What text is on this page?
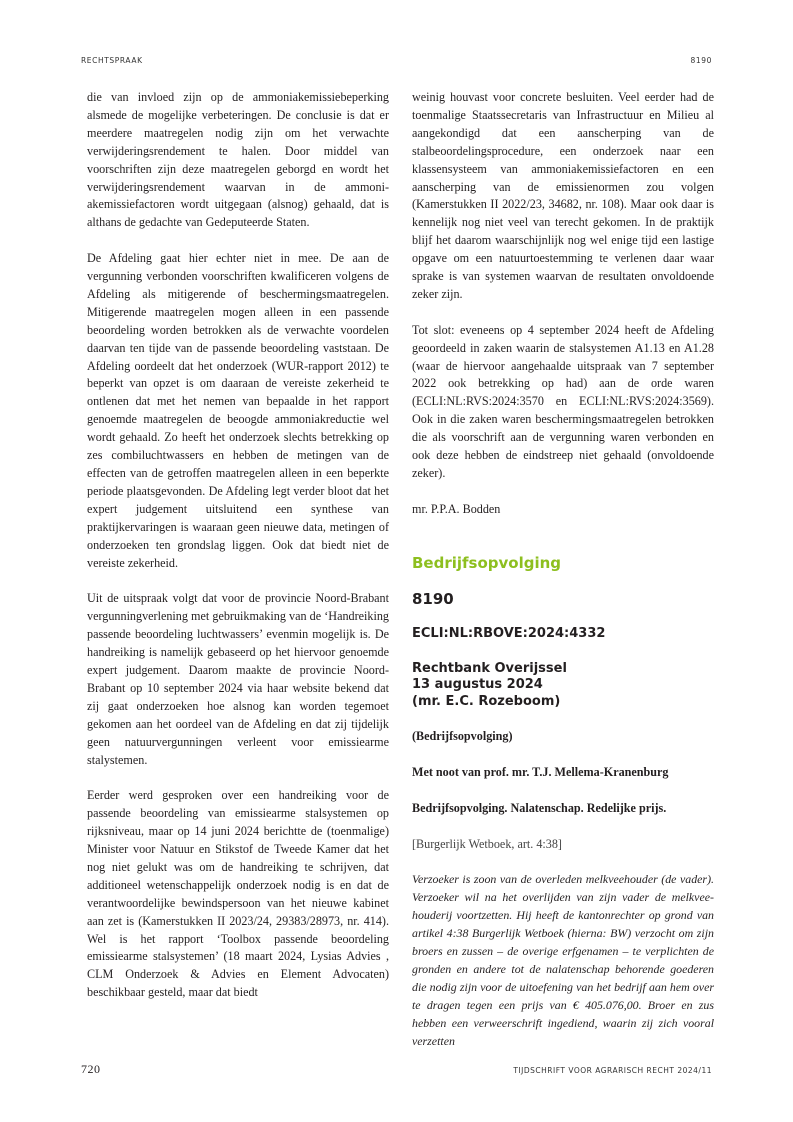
RECHTSPRAAK	8190

die van invloed zijn op de ammoniakemissiebeperking alsmede de mogelijke verbeteringen. De conclusie is dat er meerdere maatregelen nodig zijn om het verwachte verwijderingsrendement te halen. Door middel van voorschriften zijn deze maatregelen geborgd en wordt het verwijderingsrendement waarvan in de ammoniakemissiefactoren wordt uitgegaan (alsnog) gehaald, dat is althans de gedachte van Gedeputeerde Staten.

De Afdeling gaat hier echter niet in mee. De aan de vergunning verbonden voorschriften kwalificeren volgens de Afdeling als mitigerende of beschermingsmaatregelen. Mitigerende maatregelen mogen alleen in een passende beoordeling worden betrokken als de verwachte voordelen daarvan ten tijde van de passende beoordeling vaststaan. De Afdeling oordeelt dat het onderzoek (WUR-rapport 2012) te beperkt van opzet is om daaraan de vereiste zekerheid te ontlenen dat met het nemen van bepaalde in het rapport genoemde maatregelen de beoogde ammoniakreductie wel wordt gehaald. Zo heeft het onderzoek slechts betrekking op zes combiluchtwassers en hebben de metingen van de effecten van de getroffen maatregelen alleen in een beperkte periode plaatsgevonden. De Afdeling legt verder bloot dat het expert judgement uitsluitend een synthese van praktijkervaringen is waaraan geen nieuwe data, metingen of onderzoeken ten grondslag liggen. Ook dat biedt niet de vereiste zekerheid.

Uit de uitspraak volgt dat voor de provincie Noord-Brabant vergunningverlening met gebruikmaking van de ‘Handreiking passende beoordeling luchtwassers’ evenmin mogelijk is. De handreiking is namelijk gebaseerd op het hiervoor genoemde expert judgement. Daarom maakte de provincie Noord-Brabant op 10 september 2024 via haar website bekend dat zij gaat onderzoeken hoe alsnog kan worden tegemoet gekomen aan het oordeel van de Afdeling en dat zij tijdelijk geen natuurvergunningen verleent voor emissiearme stalystemen.

Eerder werd gesproken over een handreiking voor de passende beoordeling van emissiearme stalsystemen op rijksniveau, maar op 14 juni 2024 berichtte de (toenmalige) Minister voor Natuur en Stikstof de Tweede Kamer dat het nog niet gelukt was om de handreiking te schrijven, dat additioneel wetenschappelijk onderzoek nodig is en dat de verantwoordelijke bewindspersoon van het nieuwe kabinet aan zet is (Kamerstukken II 2023/24, 29383/28973, nr. 414). Wel is het rapport ‘Toolbox passende beoordeling emissiearme stalsystemen’ (18 maart 2024, Lysias Advies , CLM Onderzoek & Advies en Element Advocaten) beschikbaar gesteld, maar dat biedt

weinig houvast voor concrete besluiten. Veel eerder had de toenmalige Staatssecretaris van Infrastructuur en Milieu al aangekondigd dat een aanscherping van de stalbeoordelingsprocedure, een onderzoek naar een klassensysteem van ammoniakemissiefactoren en een aanscherping van de emissienormen zou volgen (Kamerstukken II 2022/23, 34682, nr. 108). Maar ook daar is kennelijk nog niet veel van terecht gekomen. In de praktijk blijf het daarom waarschijnlijk nog wel enige tijd een lastige opgave om een natuurtoestemming te verlenen daar waar sprake is van systemen waarvan de resultaten onvoldoende zeker zijn.

Tot slot: eveneens op 4 september 2024 heeft de Afdeling geoordeeld in zaken waarin de stalsystemen A1.13 en A1.28 (waar de hiervoor aangehaalde uitspraak van 7 september 2022 ook betrekking op had) aan de orde waren (ECLI:NL:RVS:2024:3570 en ECLI:NL:RVS:2024:3569). Ook in die zaken waren beschermingsmaatregelen betrokken die als voorschrift aan de vergunning waren verbonden en ook deze hebben de eindstreep niet gehaald (onvoldoende zeker).

mr. P.P.A. Bodden

Bedrijfsopvolging
8190
ECLI:NL:RBOVE:2024:4332
Rechtbank Overijssel
13 augustus 2024
(mr. E.C. Rozeboom)

(Bedrijfsopvolging)

Met noot van prof. mr. T.J. Mellema-Kranenburg

Bedrijfsopvolging. Nalatenschap. Redelijke prijs.

[Burgerlijk Wetboek, art. 4:38]

Verzoeker is zoon van de overleden melkveehouder (de vader). Verzoeker wil na het overlijden van zijn vader de melkveehouderij voortzetten. Hij heeft de kantonrechter op grond van artikel 4:38 Burgerlijk Wetboek (hierna: BW) verzocht om zijn broers en zussen – de overige erfgenamen – te verplichten de gronden en andere tot de nalatenschap behorende goederen die nodig zijn voor de uitoefening van het bedrijf aan hem over te dragen tegen een prijs van € 405.076,00. Broer en zus hebben een verweerschrift ingediend, waarin zij zich vooral verzetten

720	TIJDSCHRIFT VOOR AGRARISCH RECHT 2024/11
